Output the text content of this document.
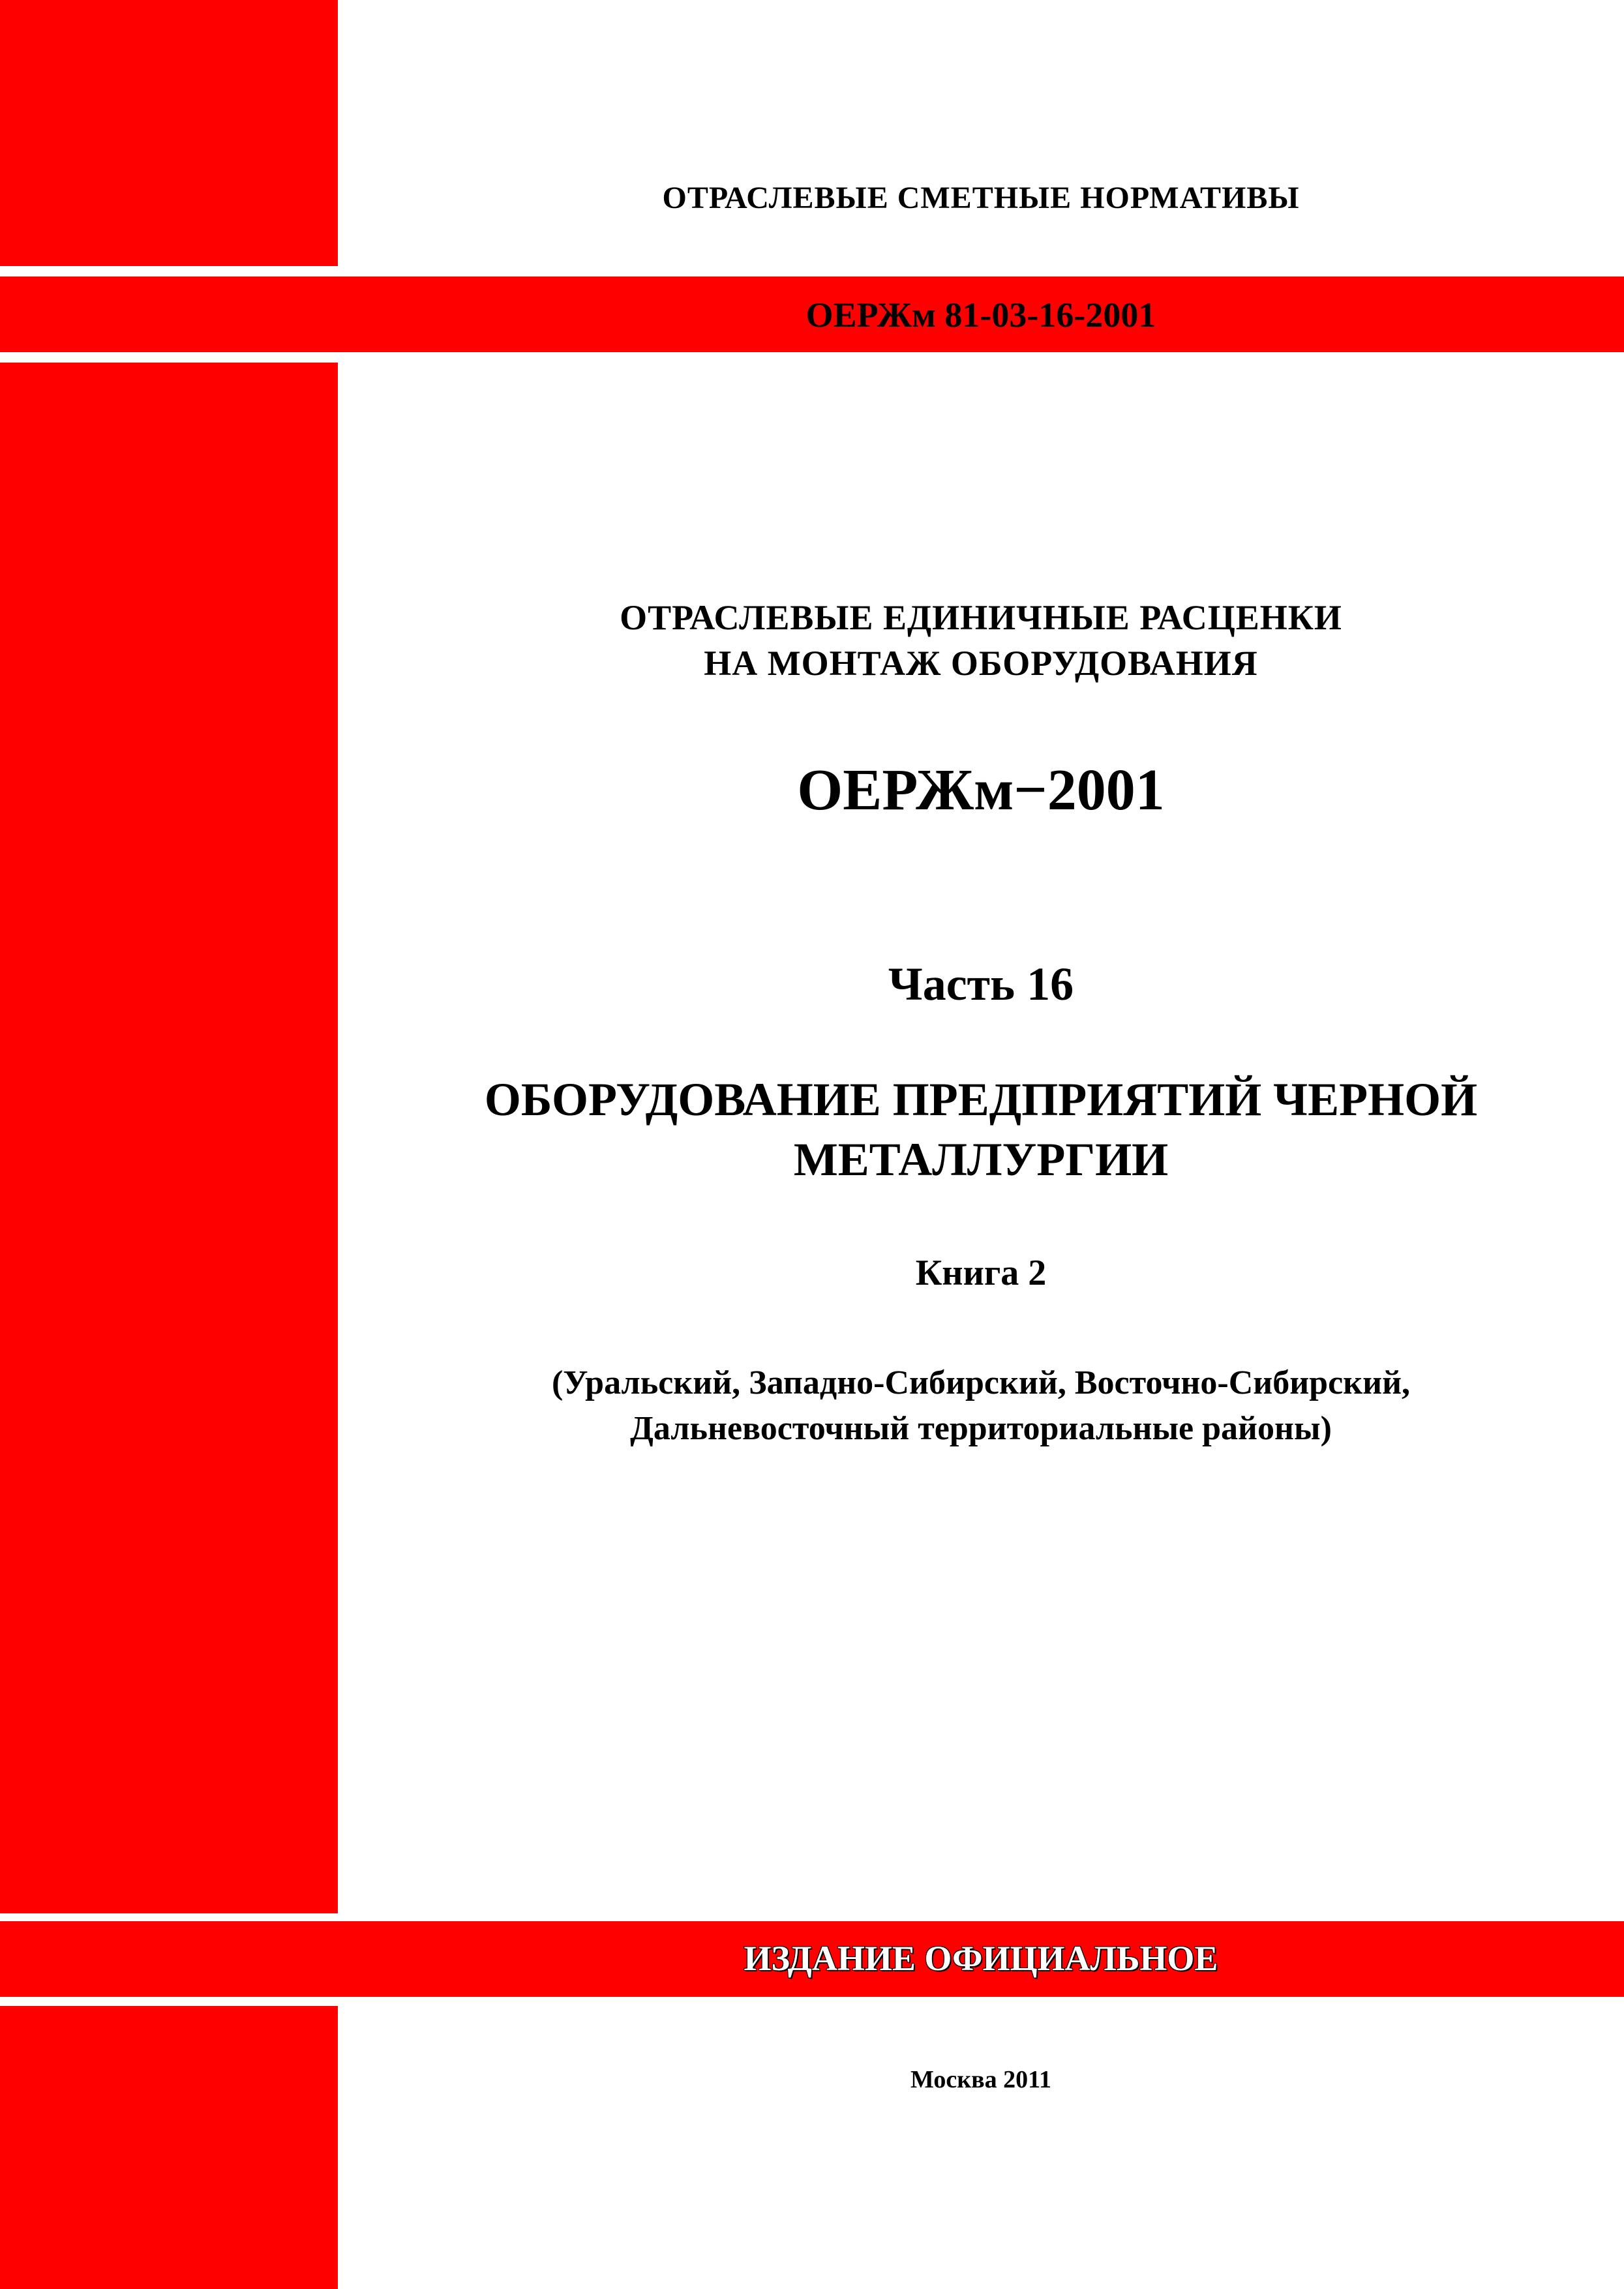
ОТРАСЛЕВЫЕ СМЕТНЫЕ НОРМАТИВЫ
ОЕРЖм 81-03-16-2001
ОТРАСЛЕВЫЕ ЕДИНИЧНЫЕ РАСЦЕНКИ
НА МОНТАЖ ОБОРУДОВАНИЯ
ОЕРЖм−2001
Часть 16
ОБОРУДОВАНИЕ ПРЕДПРИЯТИЙ ЧЕРНОЙ
МЕТАЛЛУРГИИ
Книга 2
(Уральский, Западно-Сибирский, Восточно-Сибирский,
Дальневосточный территориальные районы)
ИЗДАНИЕ ОФИЦИАЛЬНОЕ
Москва 2011
